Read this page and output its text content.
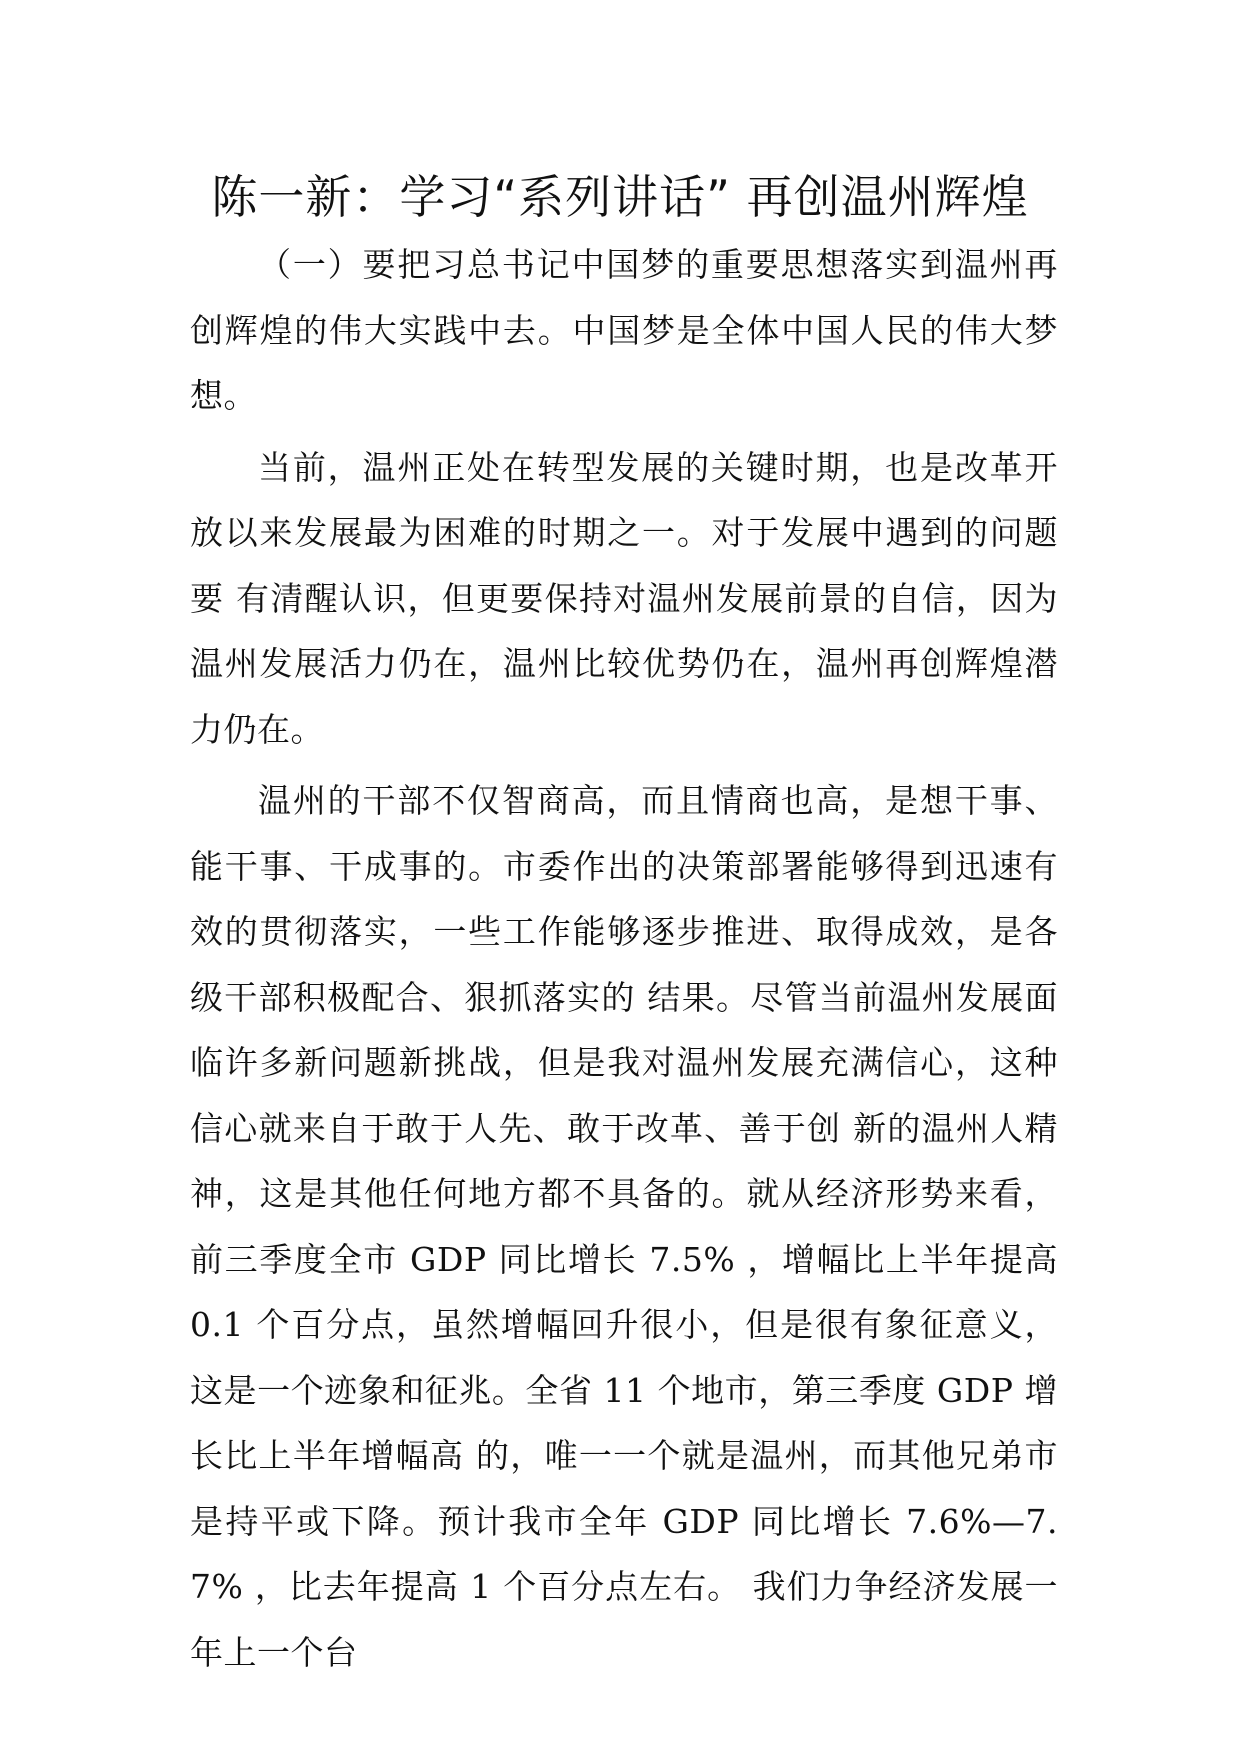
陈一新：学习“系列讲话” 再创温州辉煌

（一）要把习总书记中国梦的重要思想落实到温州再创辉煌的伟大实践中去。中国梦是全体中国人民的伟大梦想。

当前，温州正处在转型发展的关键时期，也是改革开放以来发展最为困难的时期之一。对于发展中遇到的问题要 有清醒认识，但更要保持对温州发展前景的自信，因为温州发展活力仍在，温州比较优势仍在，温州再创辉煌潜力仍在。

温州的干部不仅智商高，而且情商也高，是想干事、能干事、干成事的。市委作出的决策部署能够得到迅速有效的贯彻落实，一些工作能够逐步推进、取得成效，是各级干部积极配合、狠抓落实的 结果。尽管当前温州发展面临许多新问题新挑战，但是我对温州发展充满信心，这种信心就来自于敢于人先、敢于改革、善于创 新的温州人精神，这是其他任何地方都不具备的。就从经济形势来看，前三季度全市 GDP 同比增长 7.5% ，增幅比上半年提高 0.1 个百分点，虽然增幅回升很小，但是很有象征意义，这是一个迹象和征兆。全省 11 个地市，第三季度 GDP 增长比上半年增幅高 的，唯一一个就是温州，而其他兄弟市是持平或下降。预计我市全年 GDP 同比增长 7.6%—7.7% ，比去年提高 1 个百分点左右。 我们力争经济发展一年上一个台
